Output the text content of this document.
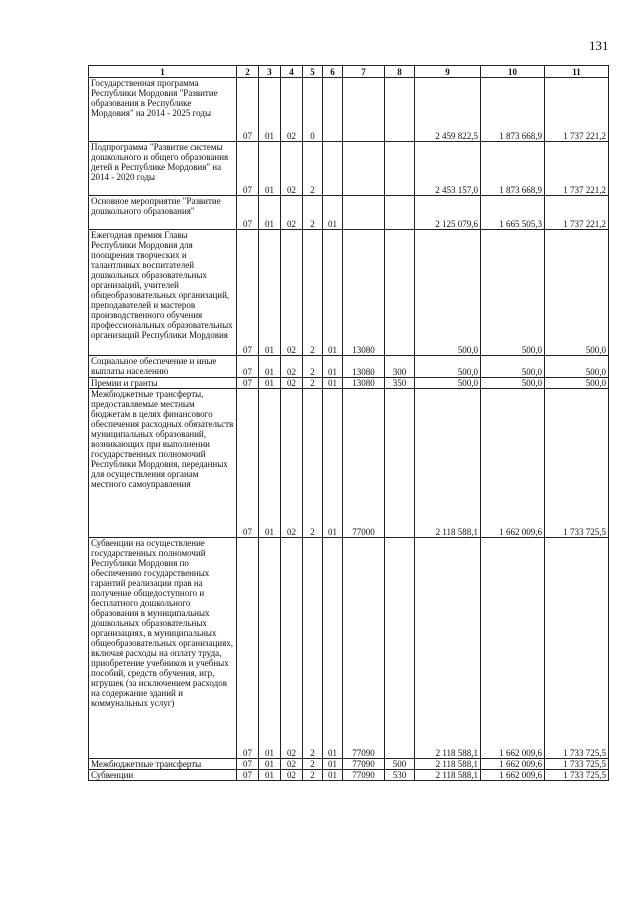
131
1	2	3	4	5	6	7	8	9	10	11
Государственная программа Республики Мордовия "Развитие образования в Республике Мордовия" на 2014 - 2025 годы	07	01	02	0				2 459 822,5	1 873 668,9	1 737 221,2
Подпрограмма "Развитие системы дошкольного и общего образования детей в Республике Мордовия" на 2014 - 2020 годы	07	01	02	2				2 453 157,0	1 873 668,9	1 737 221,2
Основное мероприятие "Развитие дошкольного образования"	07	01	02	2	01			2 125 079,6	1 665 505,3	1 737 221,2
Ежегодная премия Главы Республики Мордовия для поощрения творческих и талантливых воспитателей дошкольных образовательных организаций, учителей общеобразовательных организаций, преподавателей и мастеров производственного обучения профессиональных образовательных организаций Республики Мордовия	07	01	02	2	01	13080		500,0	500,0	500,0
Социальное обеспечение и иные выплаты населению	07	01	02	2	01	13080	300	500,0	500,0	500,0
Премии и гранты	07	01	02	2	01	13080	350	500,0	500,0	500,0
Межбюджетные трансферты, предоставляемые местным бюджетам в целях финансового обеспечения расходных обязательств муниципальных образований, возникающих при выполнении государственных полномочий Республики Мордовия, переданных для осуществления органам местного самоуправления	07	01	02	2	01	77000		2 118 588,1	1 662 009,6	1 733 725,5
Субвенции на осуществление государственных полномочий Республики Мордовия по обеспечению государственных гарантий реализации прав на получение общедоступного и бесплатного дошкольного образования в муниципальных дошкольных образовательных организациях, в муниципальных общеобразовательных организациях, включая расходы на оплату труда, приобретение учебников и учебных пособий, средств обучения, игр, игрушек (за исключением расходов на содержание зданий и коммунальных услуг)	07	01	02	2	01	77090		2 118 588,1	1 662 009,6	1 733 725,5
Межбюджетные трансферты	07	01	02	2	01	77090	500	2 118 588,1	1 662 009,6	1 733 725,5
Субвенции	07	01	02	2	01	77090	530	2 118 588,1	1 662 009,6	1 733 725,5
